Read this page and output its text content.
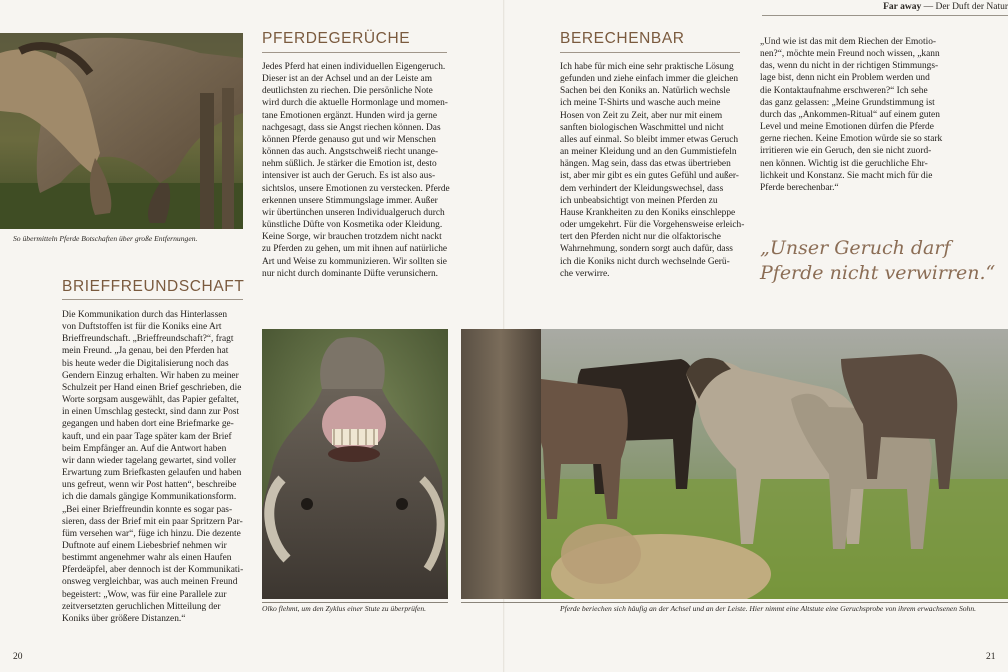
Far away — Der Duft der Natur
So übermitteln Pferde Botschaften über große Entfernungen.
BRIEFFREUNDSCHAFT
Die Kommunikation durch das Hinterlassen
von Duftstoffen ist für die Koniks eine Art
Brieffreundschaft. „Brieffreundschaft?“, fragt
mein Freund. „Ja genau, bei den Pferden hat
bis heute weder die Digitalisierung noch das
Gendern Einzug erhalten. Wir haben zu meiner
Schulzeit per Hand einen Brief geschrieben, die
Worte sorgsam ausgewählt, das Papier gefaltet,
in einen Umschlag gesteckt, sind dann zur Post
gegangen und haben dort eine Briefmarke ge-
kauft, und ein paar Tage später kam der Brief
beim Empfänger an. Auf die Antwort haben
wir dann wieder tagelang gewartet, sind voller
Erwartung zum Briefkasten gelaufen und haben
uns gefreut, wenn wir Post hatten“, beschreibe
ich die damals gängige Kommunikationsform.
„Bei einer Brieffreundin konnte es sogar pas-
sieren, dass der Brief mit ein paar Spritzern Par-
füm versehen war“, füge ich hinzu. Die dezente
Duftnote auf einem Liebesbrief nehmen wir
bestimmt angenehmer wahr als einen Haufen
Pferdeäpfel, aber dennoch ist der Kommunikati-
onsweg vergleichbar, was auch meinen Freund
begeistert: „Wow, was für eine Parallele zur
zeitversetzten geruchlichen Mitteilung der
Koniks über größere Distanzen.“
PFERDEGERÜCHE
Jedes Pferd hat einen individuellen Eigengeruch.
Dieser ist an der Achsel und an der Leiste am
deutlichsten zu riechen. Die persönliche Note
wird durch die aktuelle Hormonlage und momen-
tane Emotionen ergänzt. Hunden wird ja gerne
nachgesagt, dass sie Angst riechen können. Das
können Pferde genauso gut und wir Menschen
können das auch. Angstschweiß riecht unange-
nehm süßlich. Je stärker die Emotion ist, desto
intensiver ist auch der Geruch. Es ist also aus-
sichtslos, unsere Emotionen zu verstecken. Pferde
erkennen unsere Stimmungslage immer. Außer
wir übertünchen unseren Individualgeruch durch
künstliche Düfte von Kosmetika oder Kleidung.
Keine Sorge, wir brauchen trotzdem nicht nackt
zu Pferden zu gehen, um mit ihnen auf natürliche
Art und Weise zu kommunizieren. Wir sollten sie
nur nicht durch dominante Düfte verunsichern.
Olko flehmt, um den Zyklus einer Stute zu überprüfen.
20
BERECHENBAR
Ich habe für mich eine sehr praktische Lösung
gefunden und ziehe einfach immer die gleichen
Sachen bei den Koniks an. Natürlich wechsle
ich meine T-Shirts und wasche auch meine
Hosen von Zeit zu Zeit, aber nur mit einem
sanften biologischen Waschmittel und nicht
alles auf einmal. So bleibt immer etwas Geruch
an meiner Kleidung und an den Gummistiefeln
hängen. Mag sein, dass das etwas übertrieben
ist, aber mir gibt es ein gutes Gefühl und außer-
dem verhindert der Kleidungswechsel, dass
ich unbeabsichtigt von meinen Pferden zu
Hause Krankheiten zu den Koniks einschleppe
oder umgekehrt. Für die Vorgehensweise erleich-
tert den Pferden nicht nur die olfaktorische
Wahrnehmung, sondern sorgt auch dafür, dass
ich die Koniks nicht durch wechselnde Gerü-
che verwirre.
„Und wie ist das mit dem Riechen der Emotio-
nen?“, möchte mein Freund noch wissen, „kann
das, wenn du nicht in der richtigen Stimmungs-
lage bist, denn nicht ein Problem werden und
die Kontaktaufnahme erschweren?“ Ich sehe
das ganz gelassen: „Meine Grundstimmung ist
durch das „Ankommen-Ritual“ auf einem guten
Level und meine Emotionen dürfen die Pferde
gerne riechen. Keine Emotion würde sie so stark
irritieren wie ein Geruch, den sie nicht zuord-
nen können. Wichtig ist die geruchliche Ehr-
lichkeit und Konstanz. Sie macht mich für die
Pferde berechenbar.“
„Unser Geruch darf
Pferde nicht verwirren.“
Pferde beriechen sich häufig an der Achsel und an der Leiste. Hier nimmt eine Altstute eine Geruchsprobe von ihrem erwachsenen Sohn.
21
